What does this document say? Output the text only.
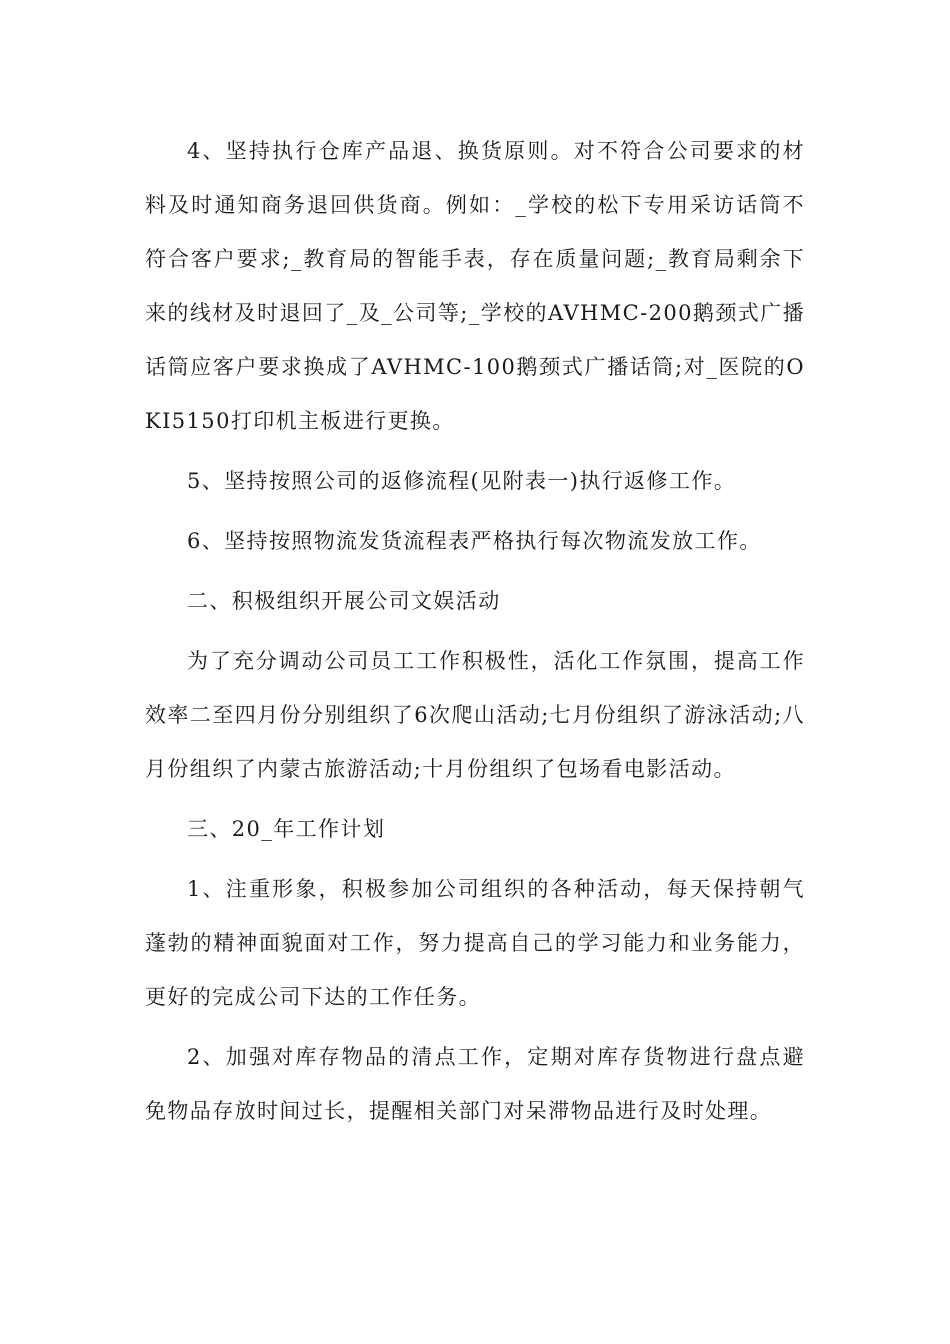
4、坚持执行仓库产品退、换货原则。对不符合公司要求的材料及时通知商务退回供货商。例如：_学校的松下专用采访话筒不符合客户要求;_教育局的智能手表，存在质量问题;_教育局剩余下来的线材及时退回了_及_公司等;_学校的AVHMC-200鹅颈式广播话筒应客户要求换成了AVHMC-100鹅颈式广播话筒;对_医院的OKI5150打印机主板进行更换。

5、坚持按照公司的返修流程(见附表一)执行返修工作。

6、坚持按照物流发货流程表严格执行每次物流发放工作。

二、积极组织开展公司文娱活动

为了充分调动公司员工工作积极性，活化工作氛围，提高工作效率二至四月份分别组织了6次爬山活动;七月份组织了游泳活动;八月份组织了内蒙古旅游活动;十月份组织了包场看电影活动。

三、20_年工作计划

1、注重形象，积极参加公司组织的各种活动，每天保持朝气蓬勃的精神面貌面对工作，努力提高自己的学习能力和业务能力，更好的完成公司下达的工作任务。

2、加强对库存物品的清点工作，定期对库存货物进行盘点避免物品存放时间过长，提醒相关部门对呆滞物品进行及时处理。
